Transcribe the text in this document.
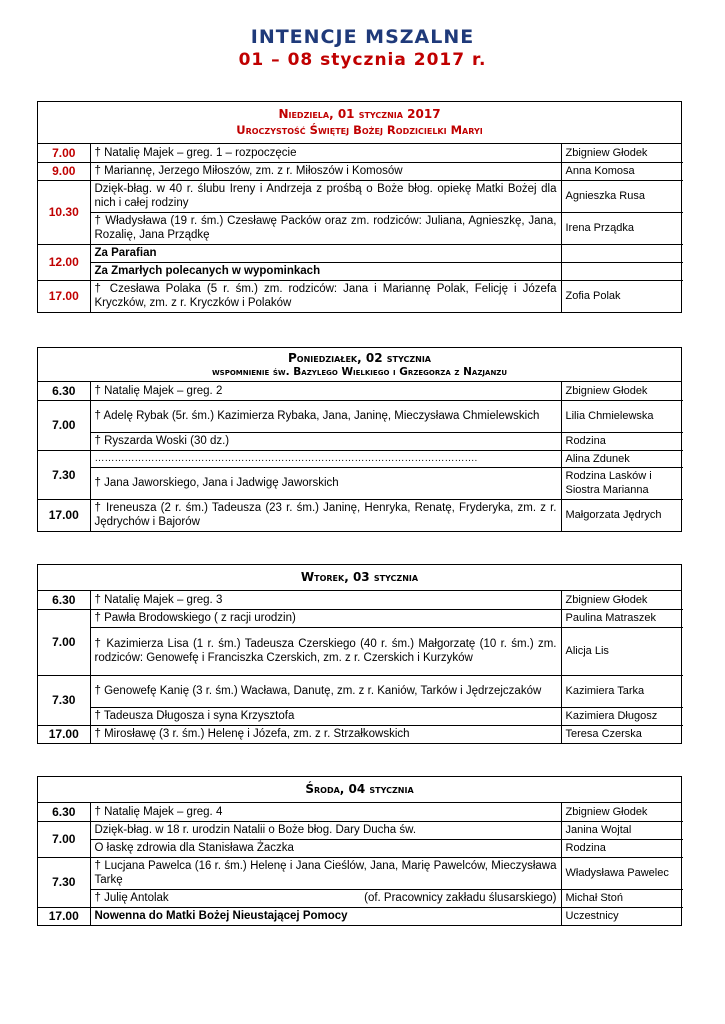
INTENCJE MSZALNE
01 – 08 stycznia 2017 r.
Niedziela, 01 stycznia 2017
Uroczystość Świętej Bożej Rodzicielki Maryi
7.00	† Natalię Majek – greg. 1 – rozpoczęcie	Zbigniew Głodek
9.00	† Mariannę, Jerzego Miłoszów, zm. z r. Miłoszów i Komosów	Anna Komosa
10.30	Dzięk-błag. w 40 r. ślubu Ireny i Andrzeja z prośbą o Boże błog. opiekę Matki Bożej dla nich i całej rodziny	Agnieszka Rusa
	† Władysława (19 r. śm.) Czesławę Packów oraz zm. rodziców: Juliana, Agnieszkę, Jana, Rozalię, Jana Prządkę	Irena Prządka
12.00	Za Parafian	
	Za Zmarłych polecanych w wypominkach	
17.00	† Czesława Polaka (5 r. śm.) zm. rodziców: Jana i Mariannę Polak, Felicję i Józefa Kryczków, zm. z r. Kryczków i Polaków	Zofia Polak
Poniedziałek, 02 stycznia
wspomnienie św. Bazylego Wielkiego i Grzegorza z Nazjanzu
6.30	† Natalię Majek – greg. 2	Zbigniew Głodek
7.00	† Adelę Rybak (5r. śm.) Kazimierza Rybaka, Jana, Janinę, Mieczysława Chmielewskich	Lilia Chmielewska
	† Ryszarda Woski (30 dz.)	Rodzina
7.30	…………………………………………………………………………………………………….	Alina Zdunek
	† Jana Jaworskiego, Jana i Jadwigę Jaworskich	Rodzina Lasków i Siostra Marianna
17.00	† Ireneusza (2 r. śm.) Tadeusza (23 r. śm.) Janinę, Henryka, Renatę, Fryderyka, zm. z r. Jędrychów i Bajorów	Małgorzata Jędrych
Wtorek, 03 stycznia
6.30	† Natalię Majek – greg. 3	Zbigniew Głodek
7.00	† Pawła Brodowskiego ( z racji urodzin)	Paulina Matraszek
	† Kazimierza Lisa (1 r. śm.) Tadeusza Czerskiego (40 r. śm.) Małgorzatę (10 r. śm.) zm. rodziców: Genowefę i Franciszka Czerskich, zm. z r. Czerskich i Kurzyków	Alicja Lis
7.30	† Genowefę Kanię (3 r. śm.) Wacława, Danutę, zm. z r. Kaniów, Tarków i Jędrzejczaków	Kazimiera Tarka
	† Tadeusza Długosza i syna Krzysztofa	Kazimiera Długosz
17.00	† Mirosławę (3 r. śm.) Helenę i Józefa, zm. z r. Strzałkowskich	Teresa Czerska
Środa, 04 stycznia
6.30	† Natalię Majek – greg. 4	Zbigniew Głodek
7.00	Dzięk-błag. w 18 r. urodzin Natalii o Boże błog. Dary Ducha św.	Janina Wojtal
	O łaskę zdrowia dla Stanisława Żaczka	Rodzina
7.30	† Lucjana Pawelca (16 r. śm.) Helenę i Jana Cieślów, Jana, Marię Pawelców, Mieczysława Tarkę	Władysława Pawelec
	† Julię Antolak (of. Pracownicy zakładu ślusarskiego)	Michał Stoń
17.00	Nowenna do Matki Bożej Nieustającej Pomocy	Uczestnicy
